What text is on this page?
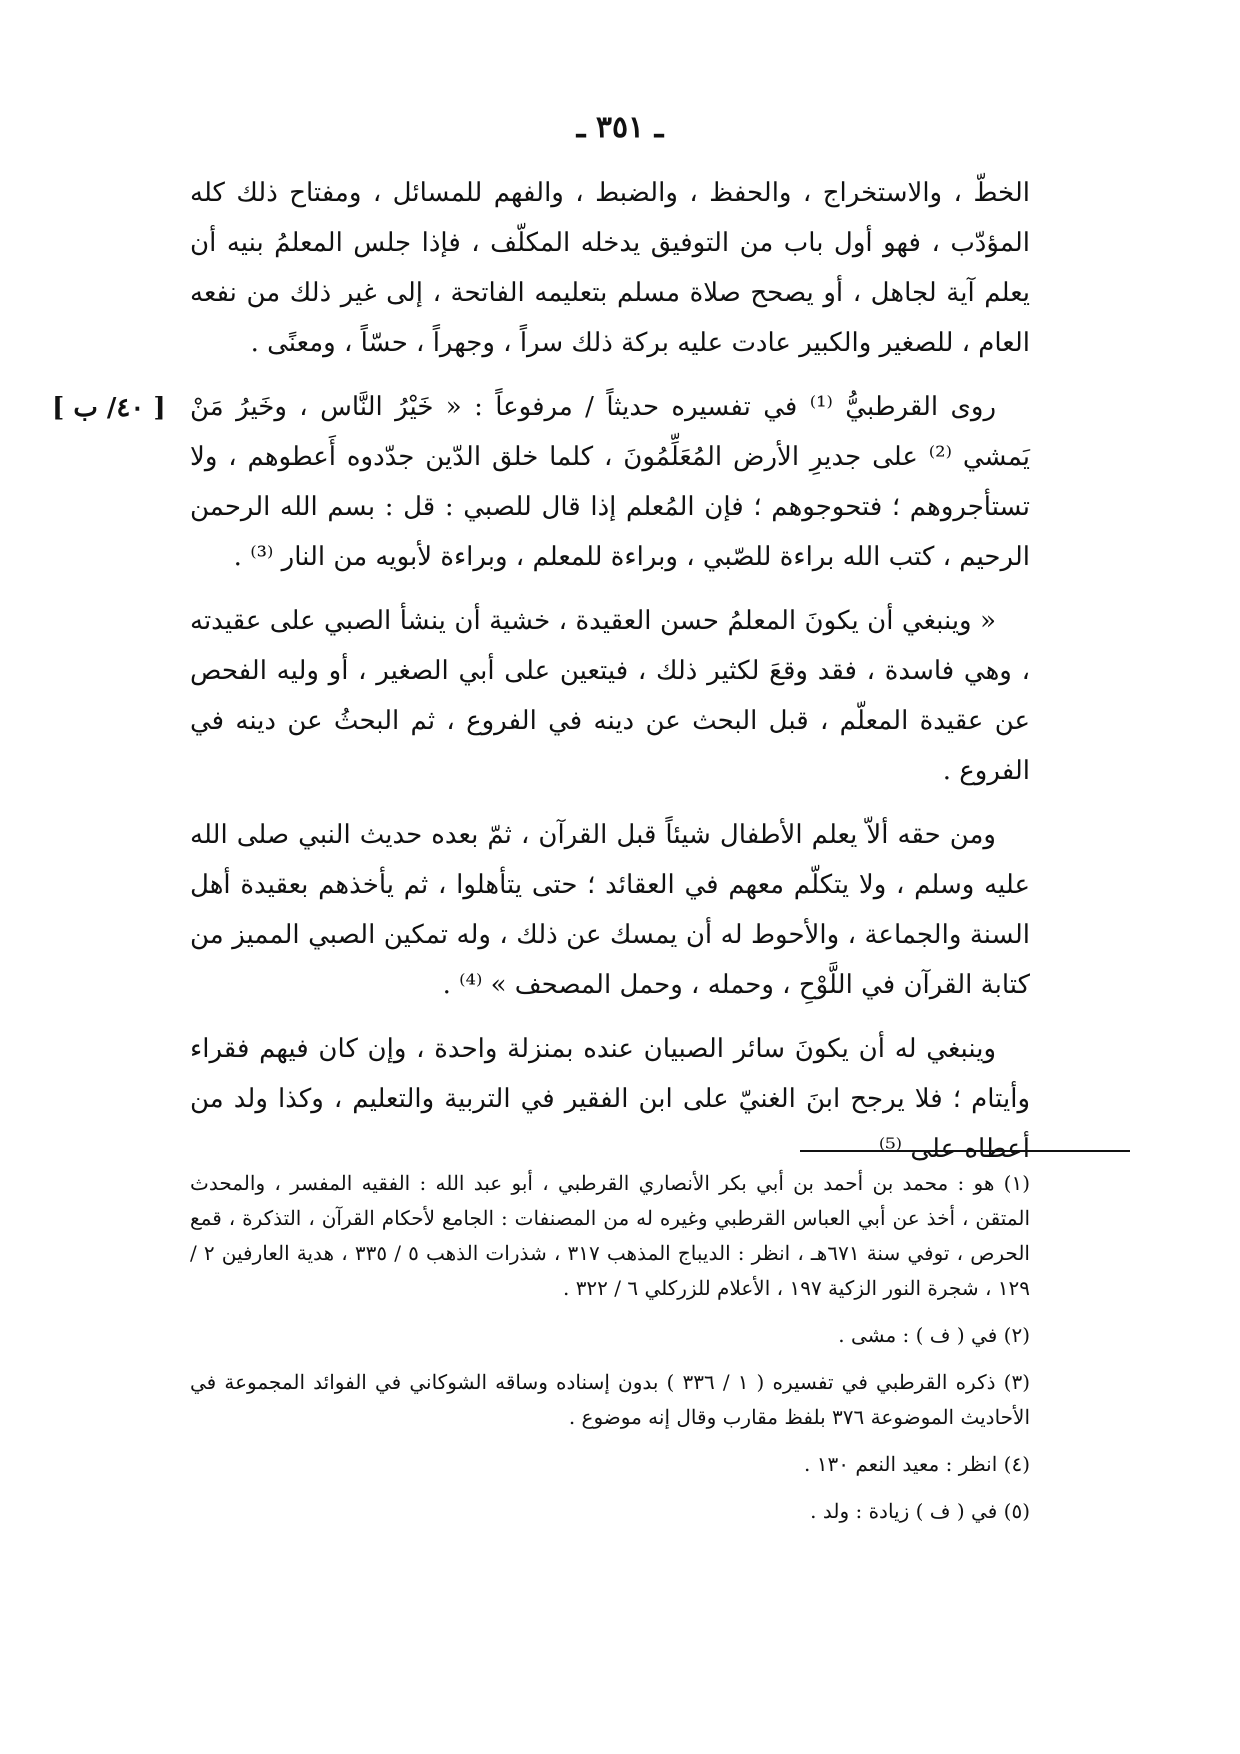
ـ ٣٥١ ـ
[ ٤٠/ ب ]

الخطّ ، والاستخراج ، والحفظ ، والضبط ، والفهم للمسائل ، ومفتاح ذلك كله المؤدّب ، فهو أول باب من التوفيق يدخله المكلّف ، فإذا جلس المعلمُ بنيه أن يعلم آية لجاهل ، أو يصحح صلاة مسلم بتعليمه الفاتحة ، إلى غير ذلك من نفعه العام ، للصغير والكبير عادت عليه بركة ذلك سراً ، وجهراً ، حسّاً ، ومعنًى .

روى القرطبيُّ ⁽¹⁾ في تفسيره حديثاً / مرفوعاً : « خَيْرُ النَّاس ، وخَيرُ مَنْ يَمشي ⁽²⁾ على جديرِ الأرض المُعَلِّمُونَ ، كلما خلق الدّين جدّدوه أَعطوهم ، ولا تستأجروهم ؛ فتحوجوهم ؛ فإن المُعلم إذا قال للصبي : قل : بسم الله الرحمن الرحيم ، كتب الله براءة للصّبي ، وبراءة للمعلم ، وبراءة لأبويه من النار ⁽³⁾ .

« وينبغي أن يكونَ المعلمُ حسن العقيدة ، خشية أن ينشأ الصبي على عقيدته ، وهي فاسدة ، فقد وقعَ لكثير ذلك ، فيتعين على أبي الصغير ، أو وليه الفحص عن عقيدة المعلّم ، قبل البحث عن دينه في الفروع ، ثم البحثُ عن دينه في الفروع .

ومن حقه ألاّ يعلم الأطفال شيئاً قبل القرآن ، ثمّ بعده حديث النبي صلى الله عليه وسلم ، ولا يتكلّم معهم في العقائد ؛ حتى يتأهلوا ، ثم يأخذهم بعقيدة أهل السنة والجماعة ، والأحوط له أن يمسك عن ذلك ، وله تمكين الصبي المميز من كتابة القرآن في اللَّوْحِ ، وحمله ، وحمل المصحف » ⁽⁴⁾ .

وينبغي له أن يكونَ سائر الصبيان عنده بمنزلة واحدة ، وإن كان فيهم فقراء وأيتام ؛ فلا يرجح ابنَ الغنيّ على ابن الفقير في التربية والتعليم ، وكذا ولد من أعطاه على ⁽⁵⁾

(١) هو : محمد بن أحمد بن أبي بكر الأنصاري القرطبي ، أبو عبد الله : الفقيه المفسر ، والمحدث المتقن ، أخذ عن أبي العباس القرطبي وغيره له من المصنفات : الجامع لأحكام القرآن ، التذكرة ، قمع الحرص ، توفي سنة ٦٧١هـ ، انظر : الديباج المذهب ٣١٧ ، شذرات الذهب ٥ / ٣٣٥ ، هدية العارفين ٢ / ١٢٩ ، شجرة النور الزكية ١٩٧ ، الأعلام للزركلي ٦ / ٣٢٢ .

(٢) في ( ف ) : مشى .

(٣) ذكره القرطبي في تفسيره ( ١ / ٣٣٦ ) بدون إسناده وساقه الشوكاني في الفوائد المجموعة في الأحاديث الموضوعة ٣٧٦ بلفظ مقارب وقال إنه موضوع .

(٤) انظر : معيد النعم ١٣٠ .

(٥) في ( ف ) زيادة : ولد .
